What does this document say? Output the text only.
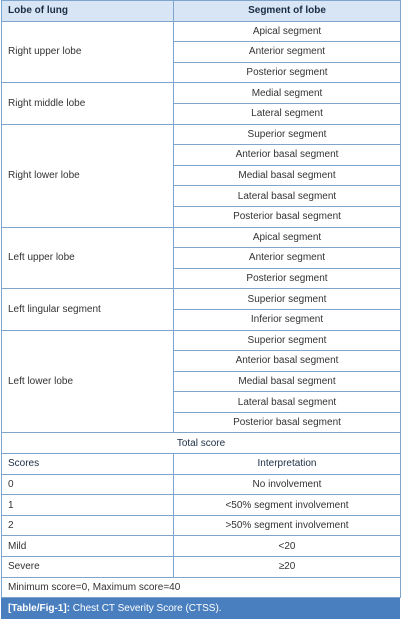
Lobe of lung	Segment of lobe
Right upper lobe	Apical segment
	Anterior segment
	Posterior segment
Right middle lobe	Medial segment
	Lateral segment
Right lower lobe	Superior segment
	Anterior basal segment
	Medial basal segment
	Lateral basal segment
	Posterior basal segment
Left upper lobe	Apical segment
	Anterior segment
	Posterior segment
Left lingular segment	Superior segment
	Inferior segment
Left lower lobe	Superior segment
	Anterior basal segment
	Medial basal segment
	Lateral basal segment
	Posterior basal segment
Total score	
Scores	Interpretation
0	No involvement
1	<50% segment involvement
2	>50% segment involvement
Mild	<20
Severe	≥20
Minimum score=0, Maximum score=40	
[Table/Fig-1]: Chest CT Severity Score (CTSS).
